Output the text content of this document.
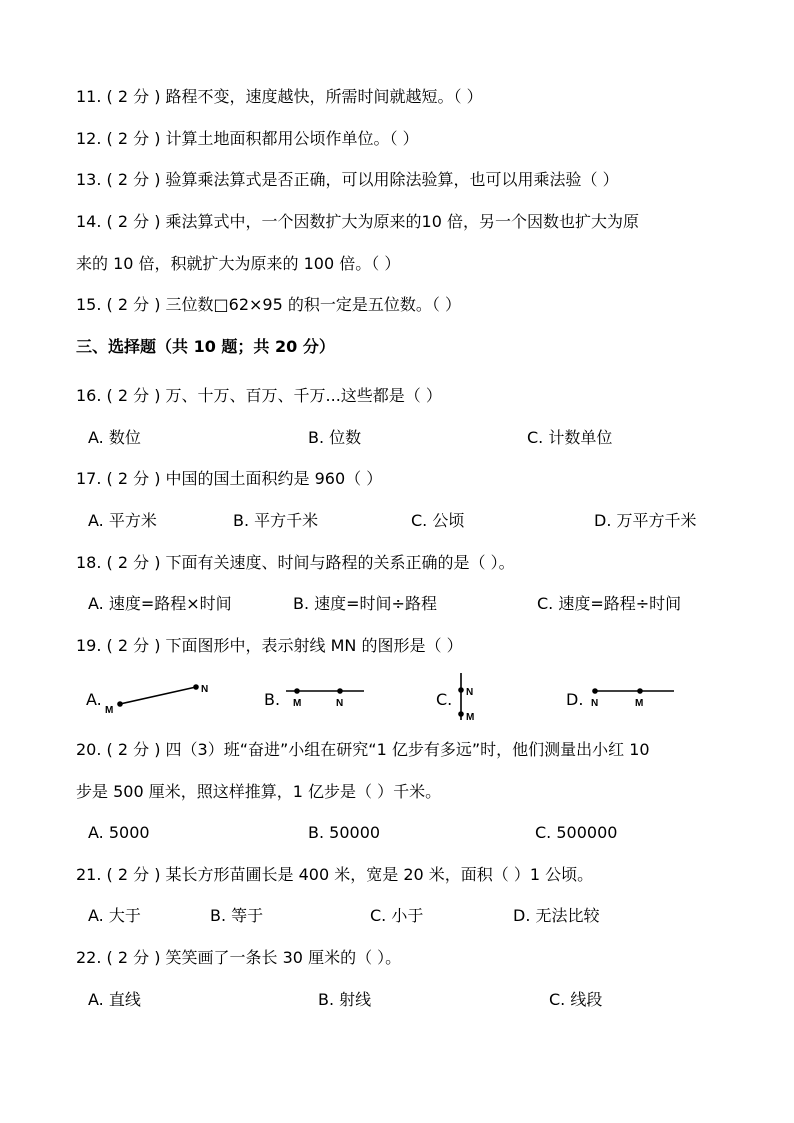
11. ( 2 分 ) 路程不变，速度越快，所需时间就越短。（ ）
12. ( 2 分 ) 计算土地面积都用公顷作单位。（ ）
13. ( 2 分 ) 验算乘法算式是否正确，可以用除法验算，也可以用乘法验（ ）
14. ( 2 分 ) 乘法算式中，一个因数扩大为原来的10 倍，另一个因数也扩大为原
来的 10 倍，积就扩大为原来的 100 倍。（ ）
15. ( 2 分 ) 三位数□62×95 的积一定是五位数。（ ）
三、选择题（共 10 题；共 20 分）
16. ( 2 分 ) 万、十万、百万、千万...这些都是（ ）
A. 数位	B. 位数	C. 计数单位
17. ( 2 分 ) 中国的国土面积约是 960（ ）
A. 平方米	B. 平方千米	C. 公顷	D. 万平方千米
18. ( 2 分 ) 下面有关速度、时间与路程的关系正确的是（ ）。
A. 速度=路程×时间	B. 速度=时间÷路程	C. 速度=路程÷时间
19. ( 2 分 ) 下面图形中，表示射线 MN 的图形是（ ）
A.
M
N
B. M	N	C. N
M
D. N	M
20. ( 2 分 ) 四（3）班“奋进”小组在研究“1 亿步有多远”时，他们测量出小红 10
步是 500 厘米，照这样推算，1 亿步是（ ）千米。
A. 5000	B. 50000	C. 500000
21. ( 2 分 ) 某长方形苗圃长是 400 米，宽是 20 米，面积（ ）1 公顷。
A. 大于	B. 等于	C. 小于	D. 无法比较
22. ( 2 分 ) 笑笑画了一条长 30 厘米的（ ）。
A. 直线	B. 射线	C. 线段
